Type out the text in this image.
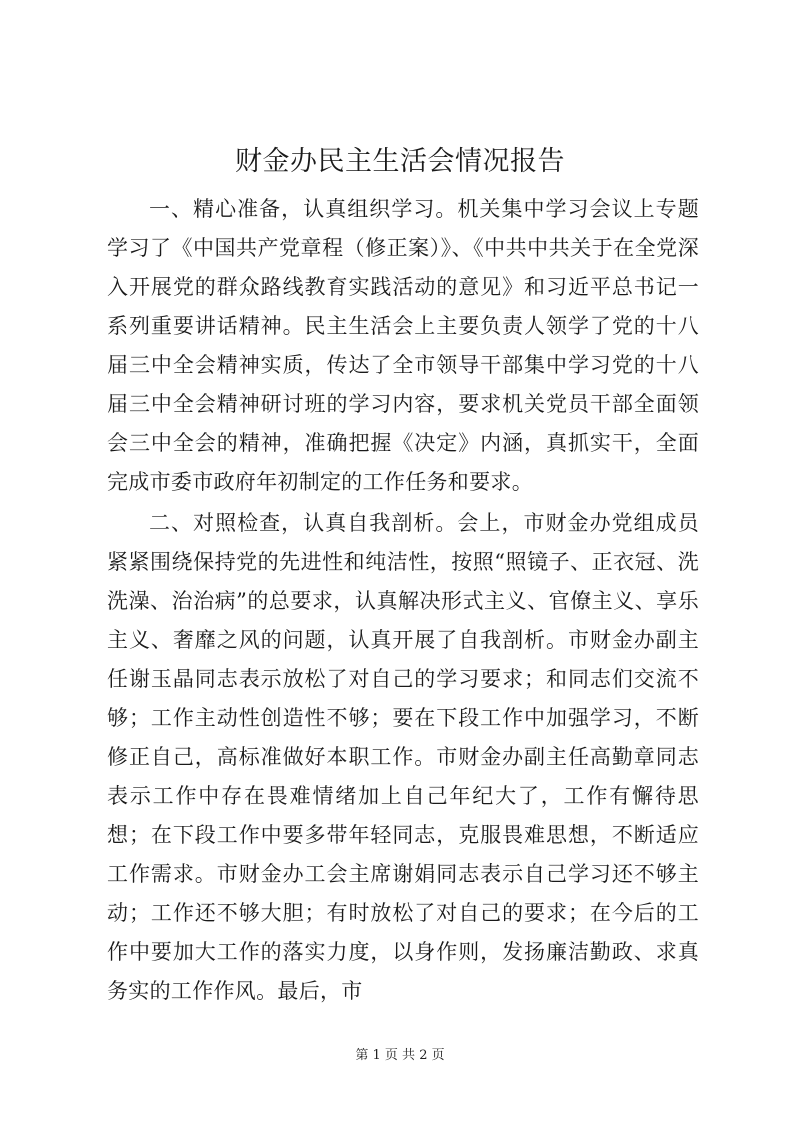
财金办民主生活会情况报告

一、精心准备，认真组织学习。机关集中学习会议上专题学习了《中国共产党章程（修正案）》、《中共中共关于在全党深入开展党的群众路线教育实践活动的意见》和习近平总书记一系列重要讲话精神。民主生活会上主要负责人领学了党的十八届三中全会精神实质，传达了全市领导干部集中学习党的十八届三中全会精神研讨班的学习内容，要求机关党员干部全面领会三中全会的精神，准确把握《决定》内涵，真抓实干，全面完成市委市政府年初制定的工作任务和要求。

二、对照检查，认真自我剖析。会上，市财金办党组成员紧紧围绕保持党的先进性和纯洁性，按照“照镜子、正衣冠、洗洗澡、治治病”的总要求，认真解决形式主义、官僚主义、享乐主义、奢靡之风的问题，认真开展了自我剖析。市财金办副主任谢玉晶同志表示放松了对自己的学习要求；和同志们交流不够；工作主动性创造性不够；要在下段工作中加强学习，不断修正自己，高标准做好本职工作。市财金办副主任高勤章同志表示工作中存在畏难情绪加上自己年纪大了，工作有懈待思想；在下段工作中要多带年轻同志，克服畏难思想，不断适应工作需求。市财金办工会主席谢娟同志表示自己学习还不够主动；工作还不够大胆；有时放松了对自己的要求；在今后的工作中要加大工作的落实力度，以身作则，发扬廉洁勤政、求真务实的工作作风。最后，市

第 1 页 共 2 页
